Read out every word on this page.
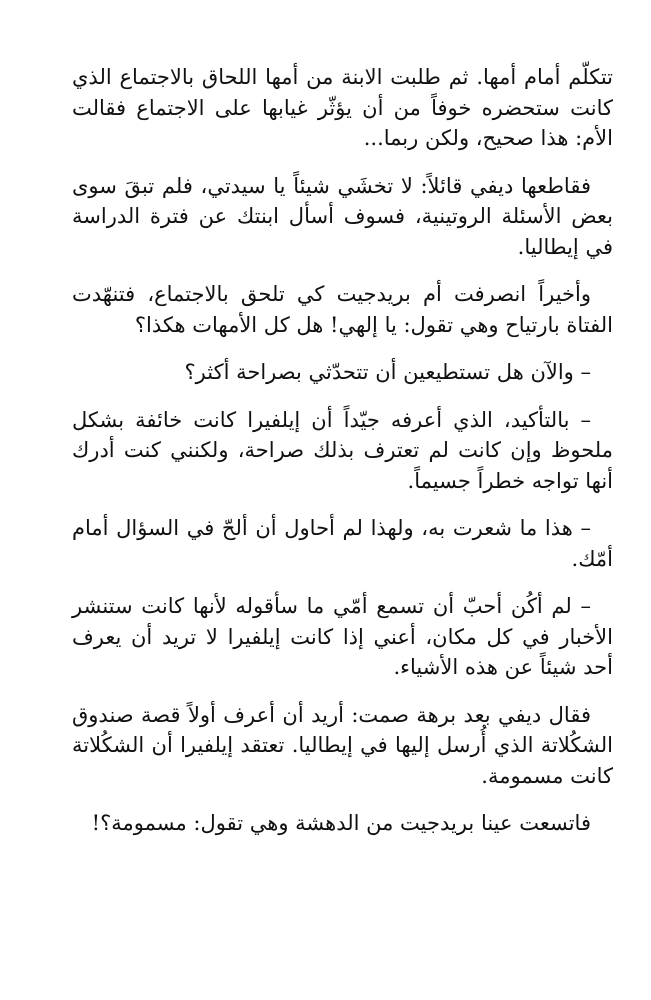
تتكلّم أمام أمها. ثم طلبت الابنة من أمها اللحاق بالاجتماع الذي كانت ستحضره خوفاً من أن يؤثّر غيابها على الاجتماع فقالت الأم: هذا صحيح، ولكن ربما...

فقاطعها ديفي قائلاً: لا تخشَي شيئاً يا سيدتي، فلم تبقَ سوى بعض الأسئلة الروتينية، فسوف أسأل ابنتك عن فترة الدراسة في إيطاليا.

وأخيراً انصرفت أم بريدجيت كي تلحق بالاجتماع، فتنهّدت الفتاة بارتياح وهي تقول: يا إلهي! هل كل الأمهات هكذا؟

– والآن هل تستطيعين أن تتحدّثي بصراحة أكثر؟

– بالتأكيد، الذي أعرفه جيّداً أن إيلفيرا كانت خائفة بشكل ملحوظ وإن كانت لم تعترف بذلك صراحة، ولكنني كنت أدرك أنها تواجه خطراً جسيماً.

– هذا ما شعرت به، ولهذا لم أحاول أن ألحّ في السؤال أمام أمّك.

– لم أكُن أحبّ أن تسمع أمّي ما سأقوله لأنها كانت ستنشر الأخبار في كل مكان، أعني إذا كانت إيلفيرا لا تريد أن يعرف أحد شيئاً عن هذه الأشياء.

فقال ديفي بعد برهة صمت: أريد أن أعرف أولاً قصة صندوق الشكُلاتة الذي أُرسل إليها في إيطاليا. تعتقد إيلفيرا أن الشكُلاتة كانت مسمومة.

فاتسعت عينا بريدجيت من الدهشة وهي تقول: مسمومة؟!
